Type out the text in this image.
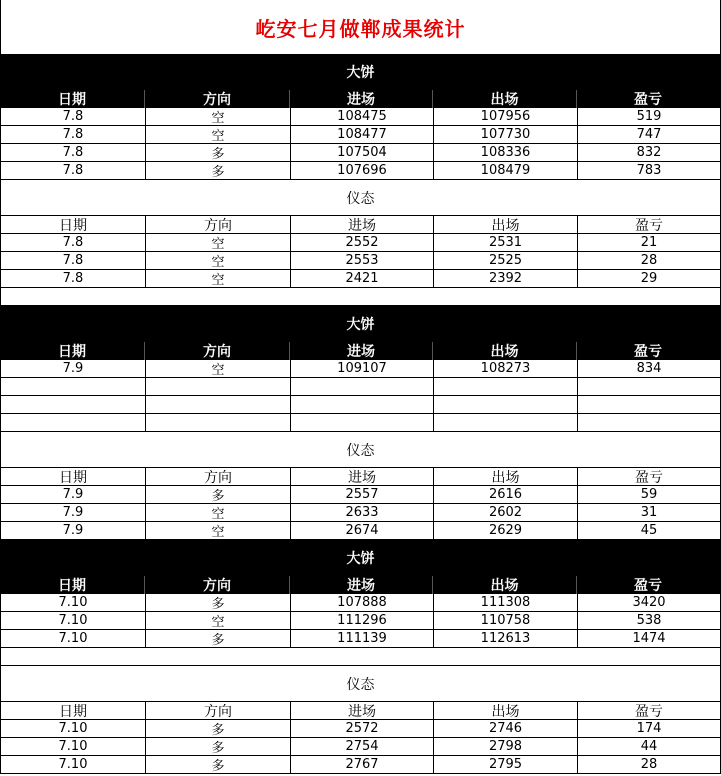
屹安七月做郸成果统计
大饼
日期	方向	进场	出场	盈亏
7.8	空	108475	107956	519
7.8	空	108477	107730	747
7.8	多	107504	108336	832
7.8	多	107696	108479	783
仪态
日期	方向	进场	出场	盈亏
7.8	空	2552	2531	21
7.8	空	2553	2525	28
7.8	空	2421	2392	29
大饼
日期	方向	进场	出场	盈亏
7.9	空	109107	108273	834
仪态
日期	方向	进场	出场	盈亏
7.9	多	2557	2616	59
7.9	空	2633	2602	31
7.9	空	2674	2629	45
大饼
日期	方向	进场	出场	盈亏
7.10	多	107888	111308	3420
7.10	空	111296	110758	538
7.10	多	111139	112613	1474
仪态
日期	方向	进场	出场	盈亏
7.10	多	2572	2746	174
7.10	多	2754	2798	44
7.10	多	2767	2795	28
